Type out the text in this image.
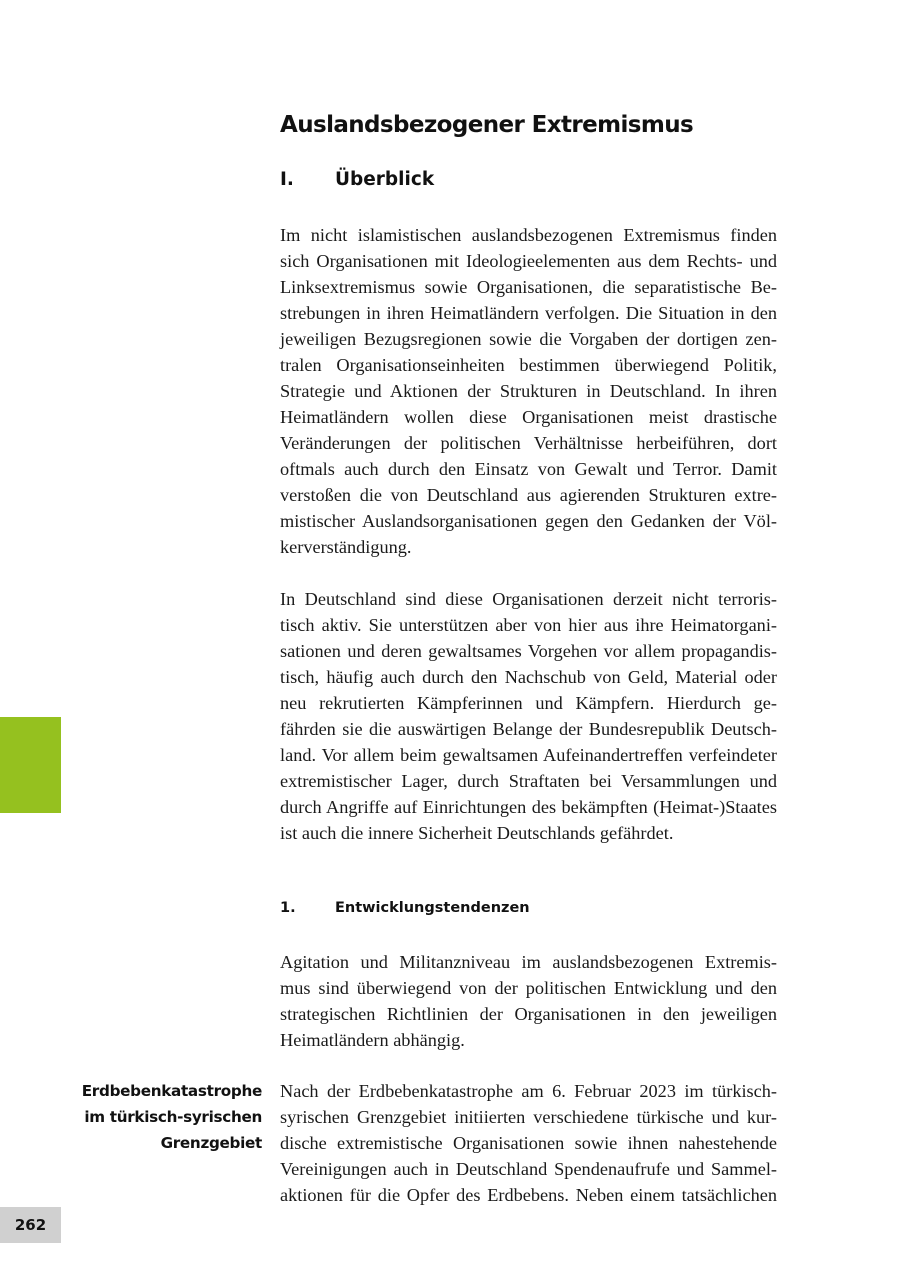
Auslandsbezogener Extremismus
I. Überblick
Im nicht islamistischen auslandsbezogenen Extremismus finden
sich Organisationen mit Ideologieelementen aus dem Rechts- und
Linksextremismus sowie Organisationen, die separatistische Be-
strebungen in ihren Heimatländern verfolgen. Die Situation in den
jeweiligen Bezugsregionen sowie die Vorgaben der dortigen zen-
tralen Organisationseinheiten bestimmen überwiegend Politik,
Strategie und Aktionen der Strukturen in Deutschland. In ihren
Heimatländern wollen diese Organisationen meist drastische
Veränderungen der politischen Verhältnisse herbeiführen, dort
oftmals auch durch den Einsatz von Gewalt und Terror. Damit
verstoßen die von Deutschland aus agierenden Strukturen extre-
mistischer Auslandsorganisationen gegen den Gedanken der Völ-
kerverständigung.
In Deutschland sind diese Organisationen derzeit nicht terroris-
tisch aktiv. Sie unterstützen aber von hier aus ihre Heimatorgani-
sationen und deren gewaltsames Vorgehen vor allem propagandis-
tisch, häufig auch durch den Nachschub von Geld, Material oder
neu rekrutierten Kämpferinnen und Kämpfern. Hierdurch ge-
fährden sie die auswärtigen Belange der Bundesrepublik Deutsch-
land. Vor allem beim gewaltsamen Aufeinandertreffen verfeindeter
extremistischer Lager, durch Straftaten bei Versammlungen und
durch Angriffe auf Einrichtungen des bekämpften (Heimat-)Staates
ist auch die innere Sicherheit Deutschlands gefährdet.
1.	Entwicklungstendenzen
Agitation und Militanzniveau im auslandsbezogenen Extremis-
mus sind überwiegend von der politischen Entwicklung und den
strategischen Richtlinien der Organisationen in den jeweiligen
Heimatländern abhängig.
Erdbebenkatastrophe
im türkisch-syrischen
Grenzgebiet
Nach der Erdbebenkatastrophe am 6. Februar 2023 im türkisch-
syrischen Grenzgebiet initiierten verschiedene türkische und kur-
dische extremistische Organisationen sowie ihnen nahestehende
Vereinigungen auch in Deutschland Spendenaufrufe und Sammel-
aktionen für die Opfer des Erdbebens. Neben einem tatsächlichen
262
